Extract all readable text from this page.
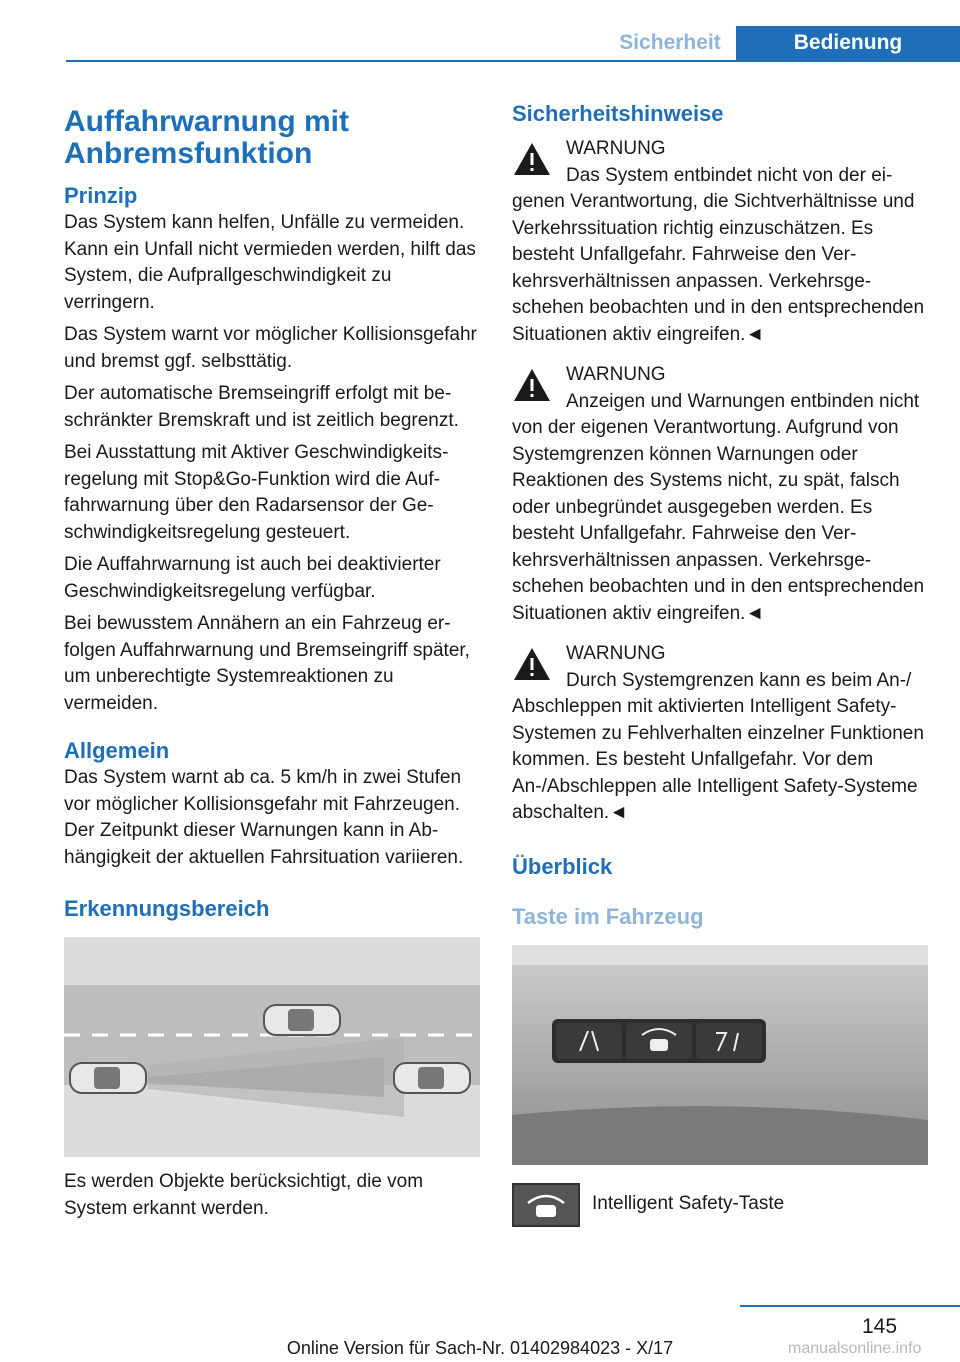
Sicherheit	Bedienung
Auffahrwarnung mit Anbremsfunktion
Prinzip

Das System kann helfen, Unfälle zu vermeiden. Kann ein Unfall nicht vermieden werden, hilft das System, die Aufprallgeschwindigkeit zu verringern.

Das System warnt vor möglicher Kollisionsgefahr und bremst ggf. selbsttätig.

Der automatische Bremseingriff erfolgt mit beschränkter Bremskraft und ist zeitlich begrenzt.

Bei Ausstattung mit Aktiver Geschwindigkeitsregelung mit Stop&Go-Funktion wird die Auffahrwarnung über den Radarsensor der Geschwindigkeitsregelung gesteuert.

Die Auffahrwarnung ist auch bei deaktivierter Geschwindigkeitsregelung verfügbar.

Bei bewusstem Annähern an ein Fahrzeug erfolgen Auffahrwarnung und Bremseingriff später, um unberechtigte Systemreaktionen zu vermeiden.

Allgemein

Das System warnt ab ca. 5 km/h in zwei Stufen vor möglicher Kollisionsgefahr mit Fahrzeugen. Der Zeitpunkt dieser Warnungen kann in Abhängigkeit der aktuellen Fahrsituation variieren.

Erkennungsbereich

Es werden Objekte berücksichtigt, die vom System erkannt werden.

Sicherheitshinweise
WARNUNG
Das System entbindet nicht von der eigenen Verantwortung, die Sichtverhältnisse und Verkehrssituation richtig einzuschätzen. Es besteht Unfallgefahr. Fahrweise den Verkehrsverhältnissen anpassen. Verkehrsgeschehen beobachten und in den entsprechenden Situationen aktiv eingreifen.◄
WARNUNG
Anzeigen und Warnungen entbinden nicht von der eigenen Verantwortung. Aufgrund von Systemgrenzen können Warnungen oder Reaktionen des Systems nicht, zu spät, falsch oder unbegründet ausgegeben werden. Es besteht Unfallgefahr. Fahrweise den Verkehrsverhältnissen anpassen. Verkehrsgeschehen beobachten und in den entsprechenden Situationen aktiv eingreifen.◄
WARNUNG
Durch Systemgrenzen kann es beim An-/ Abschleppen mit aktivierten Intelligent Safety-Systemen zu Fehlverhalten einzelner Funktionen kommen. Es besteht Unfallgefahr. Vor dem An-/Abschleppen alle Intelligent Safety-Systeme abschalten.◄
Überblick
Taste im Fahrzeug
Intelligent Safety-Taste
145
Online Version für Sach-Nr. 01402984023 - X/17	manualsonline.info
